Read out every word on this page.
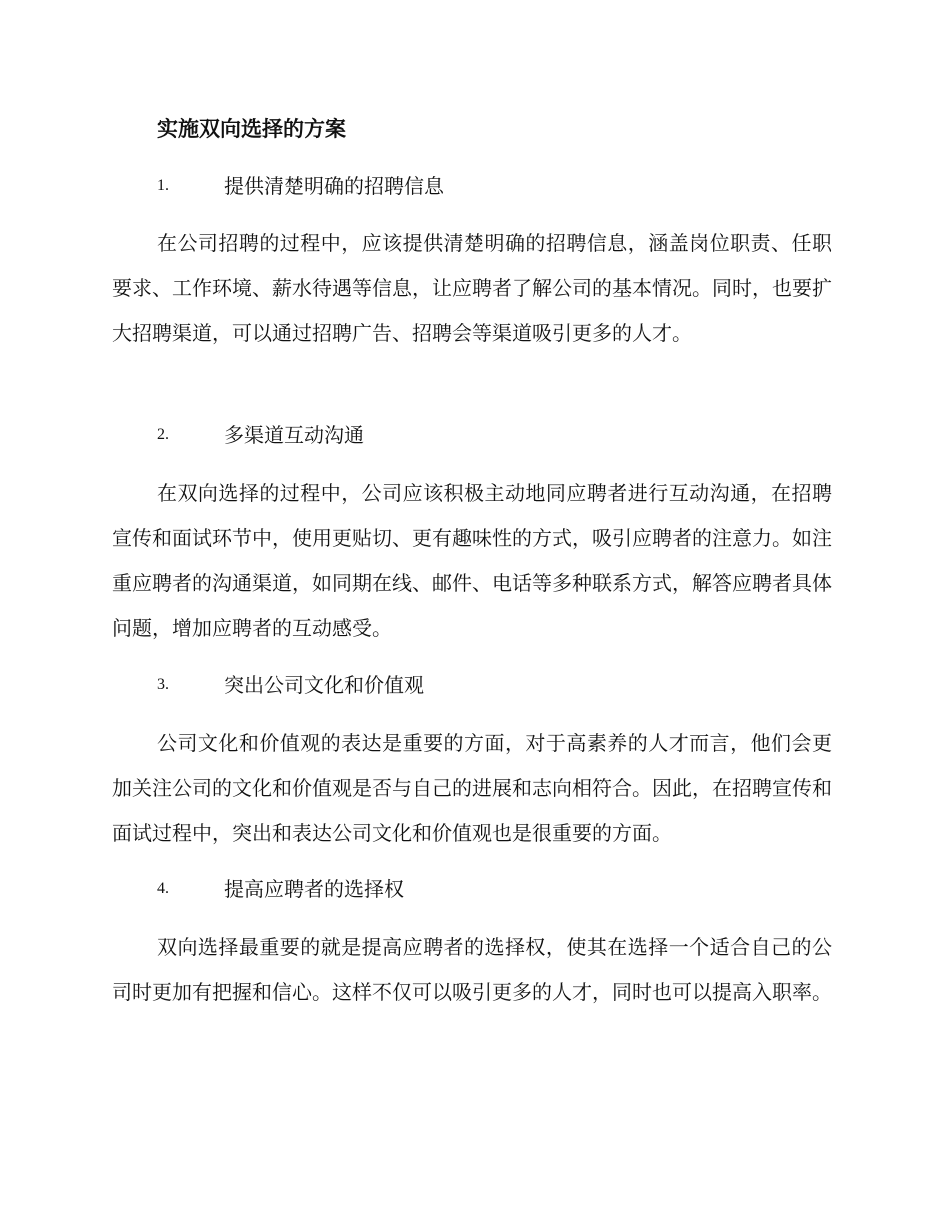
实施双向选择的方案
1.	提供清楚明确的招聘信息

在公司招聘的过程中，应该提供清楚明确的招聘信息，涵盖岗位职责、任职要求、工作环境、薪水待遇等信息，让应聘者了解公司的基本情况。同时，也要扩大招聘渠道，可以通过招聘广告、招聘会等渠道吸引更多的人才。

2.	多渠道互动沟通

在双向选择的过程中，公司应该积极主动地同应聘者进行互动沟通，在招聘宣传和面试环节中，使用更贴切、更有趣味性的方式，吸引应聘者的注意力。如注重应聘者的沟通渠道，如同期在线、邮件、电话等多种联系方式，解答应聘者具体问题，增加应聘者的互动感受。

3.	突出公司文化和价值观

公司文化和价值观的表达是重要的方面，对于高素养的人才而言，他们会更加关注公司的文化和价值观是否与自己的进展和志向相符合。因此，在招聘宣传和面试过程中，突出和表达公司文化和价值观也是很重要的方面。

4.	提高应聘者的选择权

双向选择最重要的就是提高应聘者的选择权，使其在选择一个适合自己的公司时更加有把握和信心。这样不仅可以吸引更多的人才，同时也可以提高入职率。
